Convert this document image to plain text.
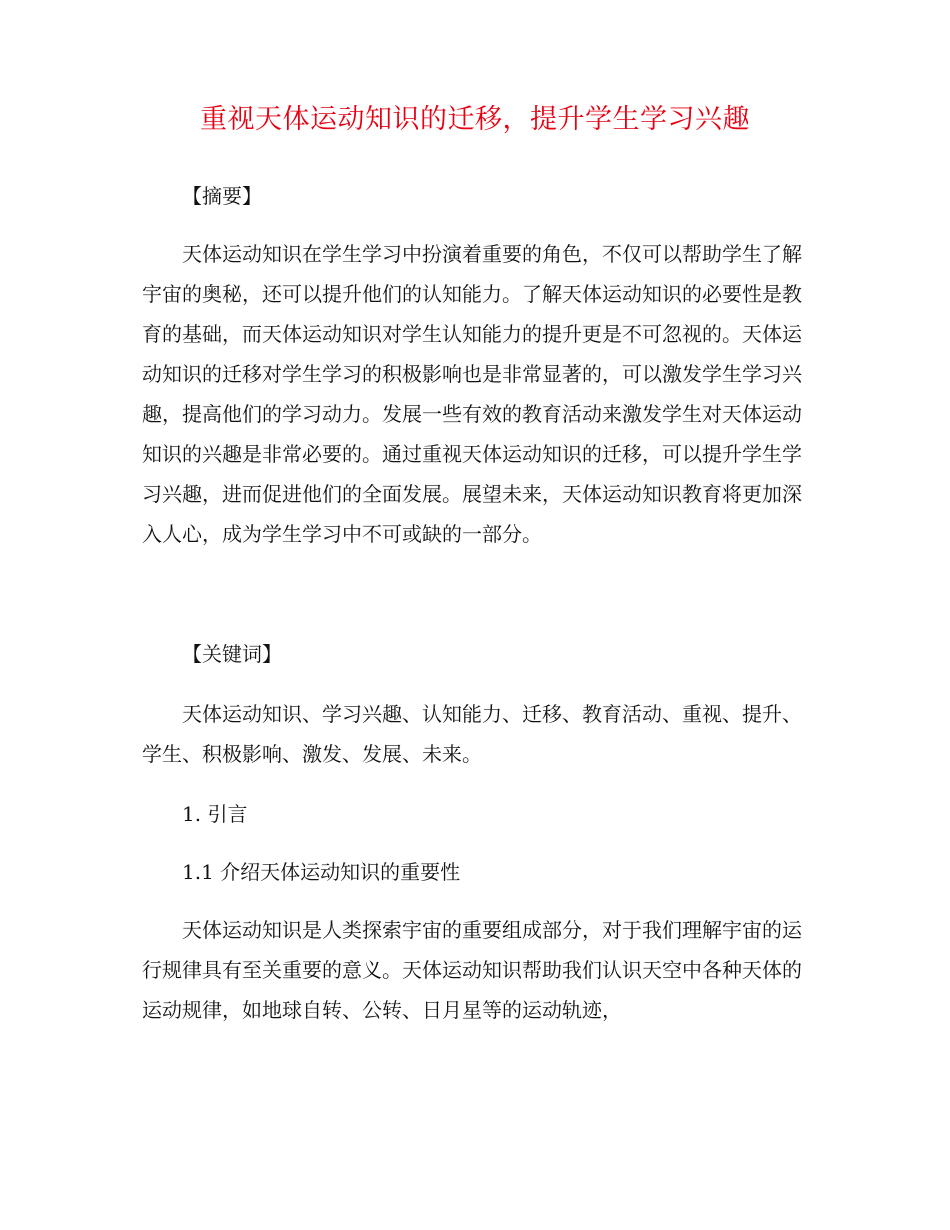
重视天体运动知识的迁移，提升学生学习兴趣

【摘要】

天体运动知识在学生学习中扮演着重要的角色，不仅可以帮助学生了解宇宙的奥秘，还可以提升他们的认知能力。了解天体运动知识的必要性是教育的基础，而天体运动知识对学生认知能力的提升更是不可忽视的。天体运动知识的迁移对学生学习的积极影响也是非常显著的，可以激发学生学习兴趣，提高他们的学习动力。发展一些有效的教育活动来激发学生对天体运动知识的兴趣是非常必要的。通过重视天体运动知识的迁移，可以提升学生学习兴趣，进而促进他们的全面发展。展望未来，天体运动知识教育将更加深入人心，成为学生学习中不可或缺的一部分。

【关键词】

天体运动知识、学习兴趣、认知能力、迁移、教育活动、重视、提升、学生、积极影响、激发、发展、未来。

1. 引言

1.1 介绍天体运动知识的重要性

天体运动知识是人类探索宇宙的重要组成部分，对于我们理解宇宙的运行规律具有至关重要的意义。天体运动知识帮助我们认识天空中各种天体的运动规律，如地球自转、公转、日月星等的运动轨迹，
